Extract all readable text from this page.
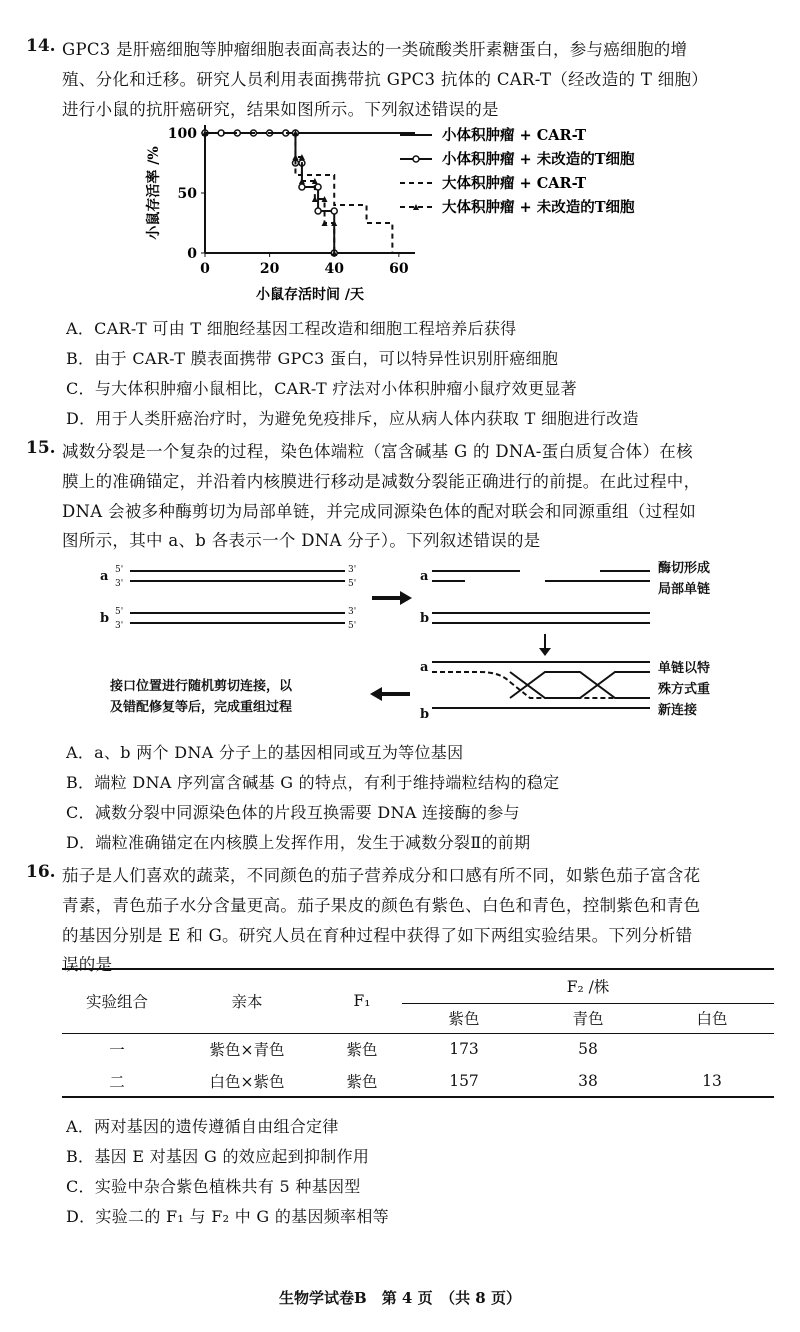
14. GPC3 是肝癌细胞等肿瘤细胞表面高表达的一类硫酸类肝素糖蛋白，参与癌细胞的增
殖、分化和迁移。研究人员利用表面携带抗 GPC3 抗体的 CAR-T（经改造的 T 细胞）
进行小鼠的抗肝癌研究，结果如图所示。下列叙述错误的是
0	20	40	60
0
50
100
小鼠存活时间 /天
小鼠存活率 /%
小体积肿瘤 + CAR-T
小体积肿瘤 + 未改造的T细胞
大体积肿瘤 + CAR-T
大体积肿瘤 + 未改造的T细胞
A．CAR-T 可由 T 细胞经基因工程改造和细胞工程培养后获得
B．由于 CAR-T 膜表面携带 GPC3 蛋白，可以特异性识别肝癌细胞
C．与大体积肿瘤小鼠相比，CAR-T 疗法对小体积肿瘤小鼠疗效更显著
D．用于人类肝癌治疗时，为避免免疫排斥，应从病人体内获取 T 细胞进行改造
15. 减数分裂是一个复杂的过程，染色体端粒（富含碱基 G 的 DNA-蛋白质复合体）在核
膜上的准确锚定，并沿着内核膜进行移动是减数分裂能正确进行的前提。在此过程中，
DNA 会被多种酶剪切为局部单链，并完成同源染色体的配对联会和同源重组（过程如
图所示，其中 a、b 各表示一个 DNA 分子）。下列叙述错误的是
a 5'
3'
3'
5'
b 5'
3'
3'
5'
a
b
酶切形成
局部单链
a
b
单链以特
殊方式重
新连接
接口位置进行随机剪切连接，以
及错配修复等后，完成重组过程
A．a、b 两个 DNA 分子上的基因相同或互为等位基因
B．端粒 DNA 序列富含碱基 G 的特点，有利于维持端粒结构的稳定
C．减数分裂中同源染色体的片段互换需要 DNA 连接酶的参与
D．端粒准确锚定在内核膜上发挥作用，发生于减数分裂Ⅱ的前期
16. 茄子是人们喜欢的蔬菜，不同颜色的茄子营养成分和口感有所不同，如紫色茄子富含花
青素，青色茄子水分含量更高。茄子果皮的颜色有紫色、白色和青色，控制紫色和青色
的基因分别是 E 和 G。研究人员在育种过程中获得了如下两组实验结果。下列分析错
误的是
实验组合	亲本	F₁	F₂ /株		
			紫色	青色	白色
一	紫色×青色	紫色	173	58	
二	白色×紫色	紫色	157	38	13
A．两对基因的遗传遵循自由组合定律
B．基因 E 对基因 G 的效应起到抑制作用
C．实验中杂合紫色植株共有 5 种基因型
D．实验二的 F₁ 与 F₂ 中 G 的基因频率相等
生物学试卷B　第 4 页　（共 8 页）
